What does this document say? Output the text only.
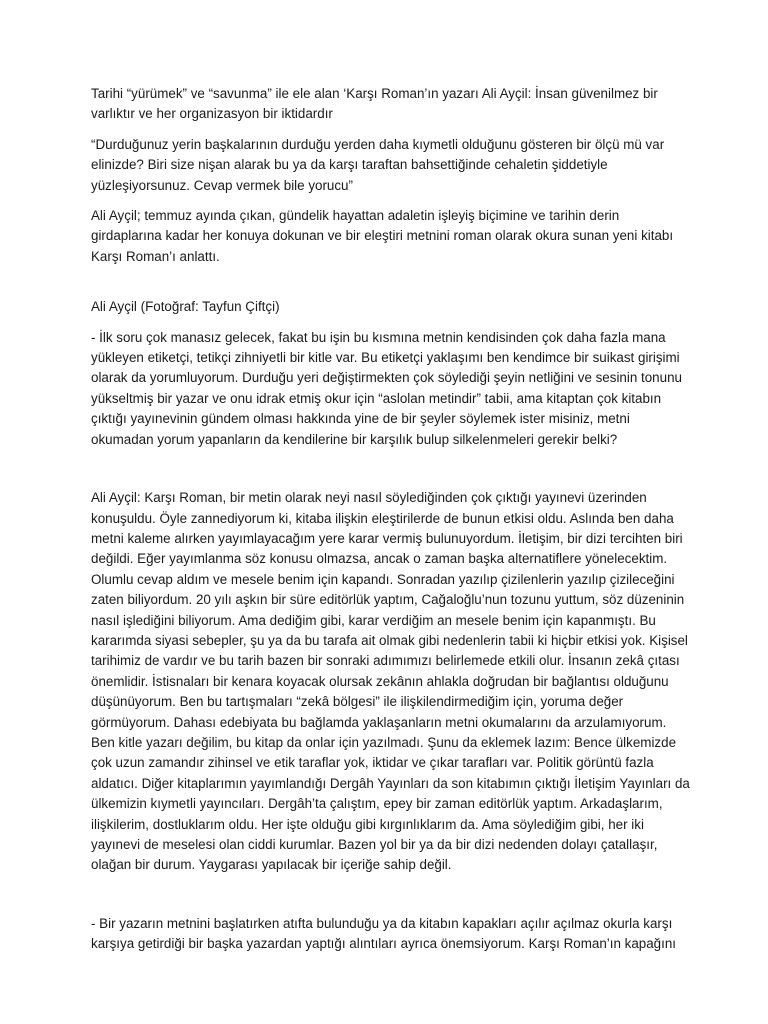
Tarihi “yürümek” ve “savunma” ile ele alan ‘Karşı Roman’ın yazarı Ali Ayçil: İnsan güvenilmez bir varlıktır ve her organizasyon bir iktidardır

“Durduğunuz yerin başkalarının durduğu yerden daha kıymetli olduğunu gösteren bir ölçü mü var elinizde? Biri size nişan alarak bu ya da karşı taraftan bahsettiğinde cehaletin şiddetiyle yüzleşiyorsunuz. Cevap vermek bile yorucu”

Ali Ayçil; temmuz ayında çıkan, gündelik hayattan adaletin işleyiş biçimine ve tarihin derin girdaplarına kadar her konuya dokunan ve bir eleştiri metnini roman olarak okura sunan yeni kitabı Karşı Roman’ı anlattı.

Ali Ayçil (Fotoğraf: Tayfun Çiftçi)

- İlk soru çok manasız gelecek, fakat bu işin bu kısmına metnin kendisinden çok daha fazla mana yükleyen etiketçi, tetikçi zihniyetli bir kitle var. Bu etiketçi yaklaşımı ben kendimce bir suikast girişimi olarak da yorumluyorum. Durduğu yeri değiştirmekten çok söylediği şeyin netliğini ve sesinin tonunu yükseltmiş bir yazar ve onu idrak etmiş okur için “aslolan metindir” tabii, ama kitaptan çok kitabın çıktığı yayınevinin gündem olması hakkında yine de bir şeyler söylemek ister misiniz, metni okumadan yorum yapanların da kendilerine bir karşılık bulup silkelenmeleri gerekir belki?

Ali Ayçil: Karşı Roman, bir metin olarak neyi nasıl söylediğinden çok çıktığı yayınevi üzerinden konuşuldu. Öyle zannediyorum ki, kitaba ilişkin eleştirilerde de bunun etkisi oldu. Aslında ben daha metni kaleme alırken yayımlayacağım yere karar vermiş bulunuyordum. İletişim, bir dizi tercihten biri değildi. Eğer yayımlanma söz konusu olmazsa, ancak o zaman başka alternatiflere yönelecektim. Olumlu cevap aldım ve mesele benim için kapandı. Sonradan yazılıp çizilenlerin yazılıp çizileceğini zaten biliyordum. 20 yılı aşkın bir süre editörlük yaptım, Cağaloğlu’nun tozunu yuttum, söz düzeninin nasıl işlediğini biliyorum. Ama dediğim gibi, karar verdiğim an mesele benim için kapanmıştı. Bu kararımda siyasi sebepler, şu ya da bu tarafa ait olmak gibi nedenlerin tabii ki hiçbir etkisi yok. Kişisel tarihimiz de vardır ve bu tarih bazen bir sonraki adımımızı belirlemede etkili olur. İnsanın zekâ çıtası önemlidir. İstisnaları bir kenara koyacak olursak zekânın ahlakla doğrudan bir bağlantısı olduğunu düşünüyorum. Ben bu tartışmaları “zekâ bölgesi” ile ilişkilendirmediğim için, yoruma değer görmüyorum. Dahası edebiyata bu bağlamda yaklaşanların metni okumalarını da arzulamıyorum. Ben kitle yazarı değilim, bu kitap da onlar için yazılmadı. Şunu da eklemek lazım: Bence ülkemizde çok uzun zamandır zihinsel ve etik taraflar yok, iktidar ve çıkar tarafları var. Politik görüntü fazla aldatıcı. Diğer kitaplarımın yayımlandığı Dergâh Yayınları da son kitabımın çıktığı İletişim Yayınları da ülkemizin kıymetli yayıncıları. Dergâh’ta çalıştım, epey bir zaman editörlük yaptım. Arkadaşlarım, ilişkilerim, dostluklarım oldu. Her işte olduğu gibi kırgınlıklarım da. Ama söylediğim gibi, her iki yayınevi de meselesi olan ciddi kurumlar. Bazen yol bir ya da bir dizi nedenden dolayı çatallaşır, olağan bir durum. Yaygarası yapılacak bir içeriğe sahip değil.

- Bir yazarın metnini başlatırken atıfta bulunduğu ya da kitabın kapakları açılır açılmaz okurla karşı karşıya getirdiği bir başka yazardan yaptığı alıntıları ayrıca önemsiyorum. Karşı Roman’ın kapağını
